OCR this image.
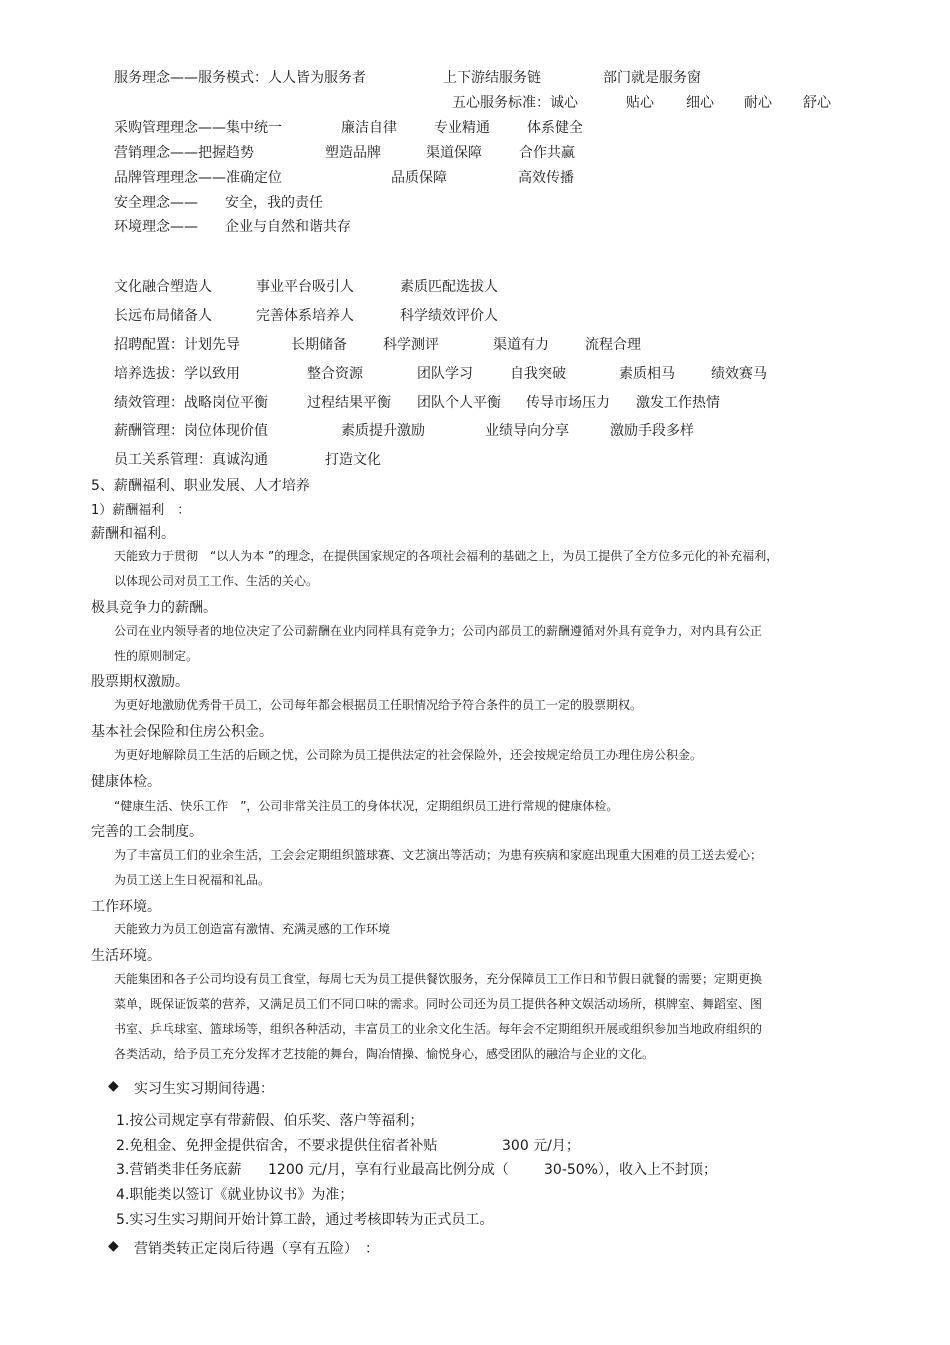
服务理念——服务模式：人人皆为服务者	上下游结服务链	部门就是服务窗
五心服务标准：诚心	贴心 细心 耐心 舒心
采购管理理念——集中统一	廉洁自律	专业精通	体系健全
营销理念——把握趋势	塑造品牌	渠道保障	合作共赢
品牌管理理念——准确定位	品质保障	高效传播
安全理念—— 安全，我的责任
环境理念—— 企业与自然和谐共存
文化融合塑造人	事业平台吸引人	素质匹配选拔人
长远布局储备人	完善体系培养人	科学绩效评价人
招聘配置：计划先导	长期储备	科学测评	渠道有力	流程合理
培养选拔：学以致用	整合资源	团队学习	自我突破	素质相马	绩效赛马
绩效管理：战略岗位平衡	过程结果平衡 团队个人平衡 传导市场压力 激发工作热情
薪酬管理：岗位体现价值	素质提升激励	业绩导向分享	激励手段多样
员工关系管理：真诚沟通	打造文化
5、薪酬福利、职业发展、人才培养
1）薪酬福利　：
薪酬和福利。
天能致力于贯彻　“以人为本 ”的理念，在提供国家规定的各项社会福利的基础之上，为员工提供了全方位多元化的补充福利，
以体现公司对员工工作、生活的关心。
极具竞争力的薪酬。
公司在业内领导者的地位决定了公司薪酬在业内同样具有竞争力；公司内部员工的薪酬遵循对外具有竞争力，对内具有公正
性的原则制定。
股票期权激励。
为更好地激励优秀骨干员工，公司每年都会根据员工任职情况给予符合条件的员工一定的股票期权。
基本社会保险和住房公积金。
为更好地解除员工生活的后顾之忧，公司除为员工提供法定的社会保险外，还会按规定给员工办理住房公积金。
健康体检。
“健康生活、快乐工作　”，公司非常关注员工的身体状况，定期组织员工进行常规的健康体检。
完善的工会制度。
为了丰富员工们的业余生活，工会会定期组织篮球赛、文艺演出等活动；为患有疾病和家庭出现重大困难的员工送去爱心；
为员工送上生日祝福和礼品。
工作环境。
天能致力为员工创造富有激情、充满灵感的工作环境
生活环境。
天能集团和各子公司均设有员工食堂，每周七天为员工提供餐饮服务，充分保障员工工作日和节假日就餐的需要；定期更换
菜单，既保证饭菜的营养，又满足员工们不同口味的需求。同时公司还为员工提供各种文娱活动场所，棋牌室、舞蹈室、图
书室、乒乓球室、篮球场等，组织各种活动，丰富员工的业余文化生活。每年会不定期组织开展或组织参加当地政府组织的
各类活动，给予员工充分发挥才艺技能的舞台，陶冶情操、愉悦身心，感受团队的融洽与企业的文化。
◆ 实习生实习期间待遇：
1.按公司规定享有带薪假、伯乐奖、落户等福利；
2.免租金、免押金提供宿舍，不要求提供住宿者补贴	300 元/月；
3.营销类非任务底薪 1200 元/月，享有行业最高比例分成（	30-50%），收入上不封顶；
4.职能类以签订《就业协议书》为准；
5.实习生实习期间开始计算工龄，通过考核即转为正式员工。
◆ 营销类转正定岗后待遇（享有五险）　：
